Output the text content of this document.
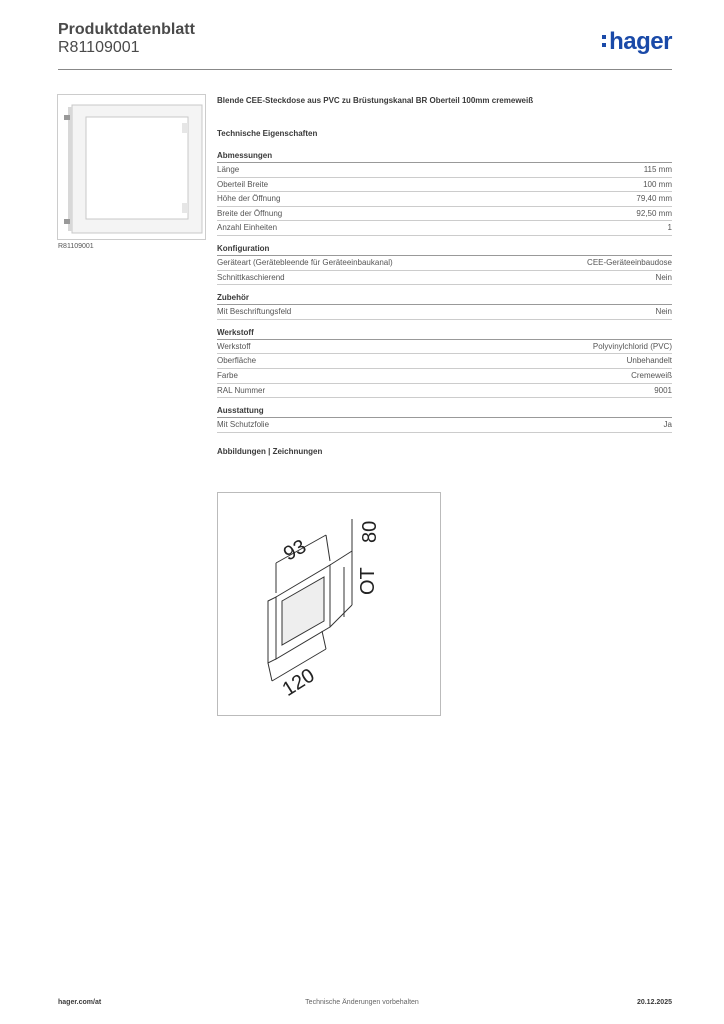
Produktdatenblatt
R81109001	hager
R81109001
Blende CEE-Steckdose aus PVC zu Brüstungskanal BR Oberteil 100mm cremeweiß
Technische Eigenschaften
Abmessungen
Länge	115 mm
Oberteil Breite	100 mm
Höhe der Öffnung	79,40 mm
Breite der Öffnung	92,50 mm
Anzahl Einheiten	1
Konfiguration
Geräteart (Gerätebleende für Geräteeinbaukanal)	CEE-Geräteeinbaudose
Schnittkaschierend	Nein
Zubehör
Mit Beschriftungsfeld	Nein
Werkstoff
Werkstoff	Polyvinylchlorid (PVC)
Oberfläche	Unbehandelt
Farbe	Cremeweiß
RAL Nummer	9001
Ausstattung
Mit Schutzfolie	Ja
Abbildungen | Zeichnungen
93
80
OT
120
hager.com/at	Technische Änderungen vorbehalten	20.12.2025
